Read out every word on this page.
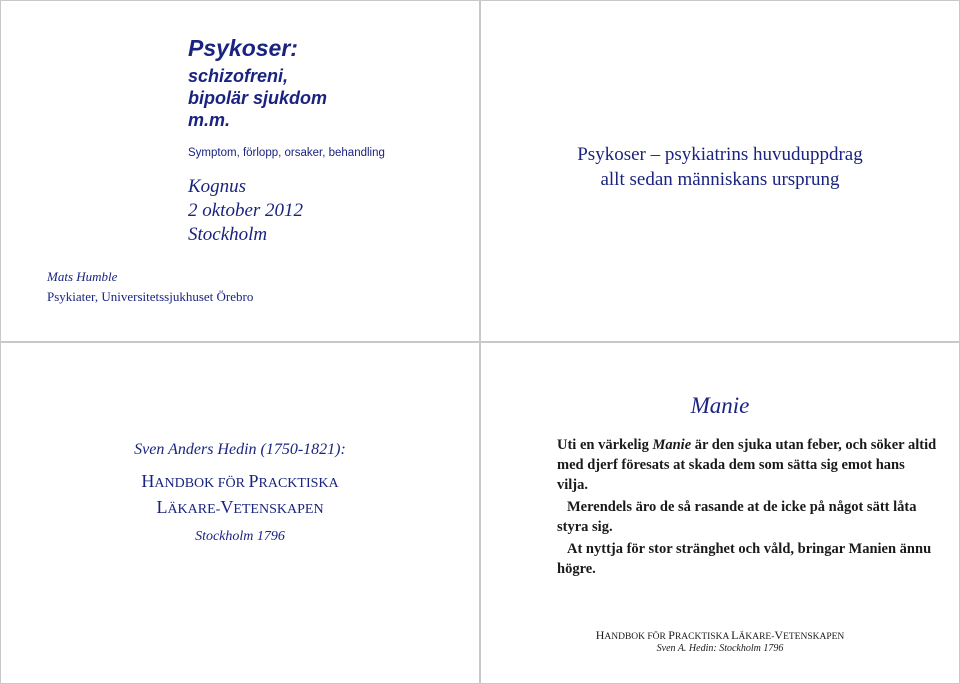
Psykoser:
schizofreni,
bipolär sjukdom
m.m.
Symptom, förlopp, orsaker, behandling
Kognus
2 oktober 2012
Stockholm
Mats Humble
Psykiater, Universitetssjukhuset Örebro
Psykoser – psykiatrins huvuduppdrag
allt sedan människans ursprung
Sven Anders Hedin (1750-1821):
HANDBOK FÖR PRACKTISKA
LÄKARE-VETENSKAPEN
Stockholm 1796
Manie

Uti en värkelig Manie är den sjuka utan feber, och söker altid med djerf föresats at skada dem som sätta sig emot hans vilja.

Merendels äro de så rasande at de icke på något sätt låta styra sig.

At nyttja för stor stränghet och våld, bringar Manien ännu högre.

HANDBOK FÖR PRACKTISKA LÄKARE-VETENSKAPEN
Sven A. Hedin: Stockholm 1796
